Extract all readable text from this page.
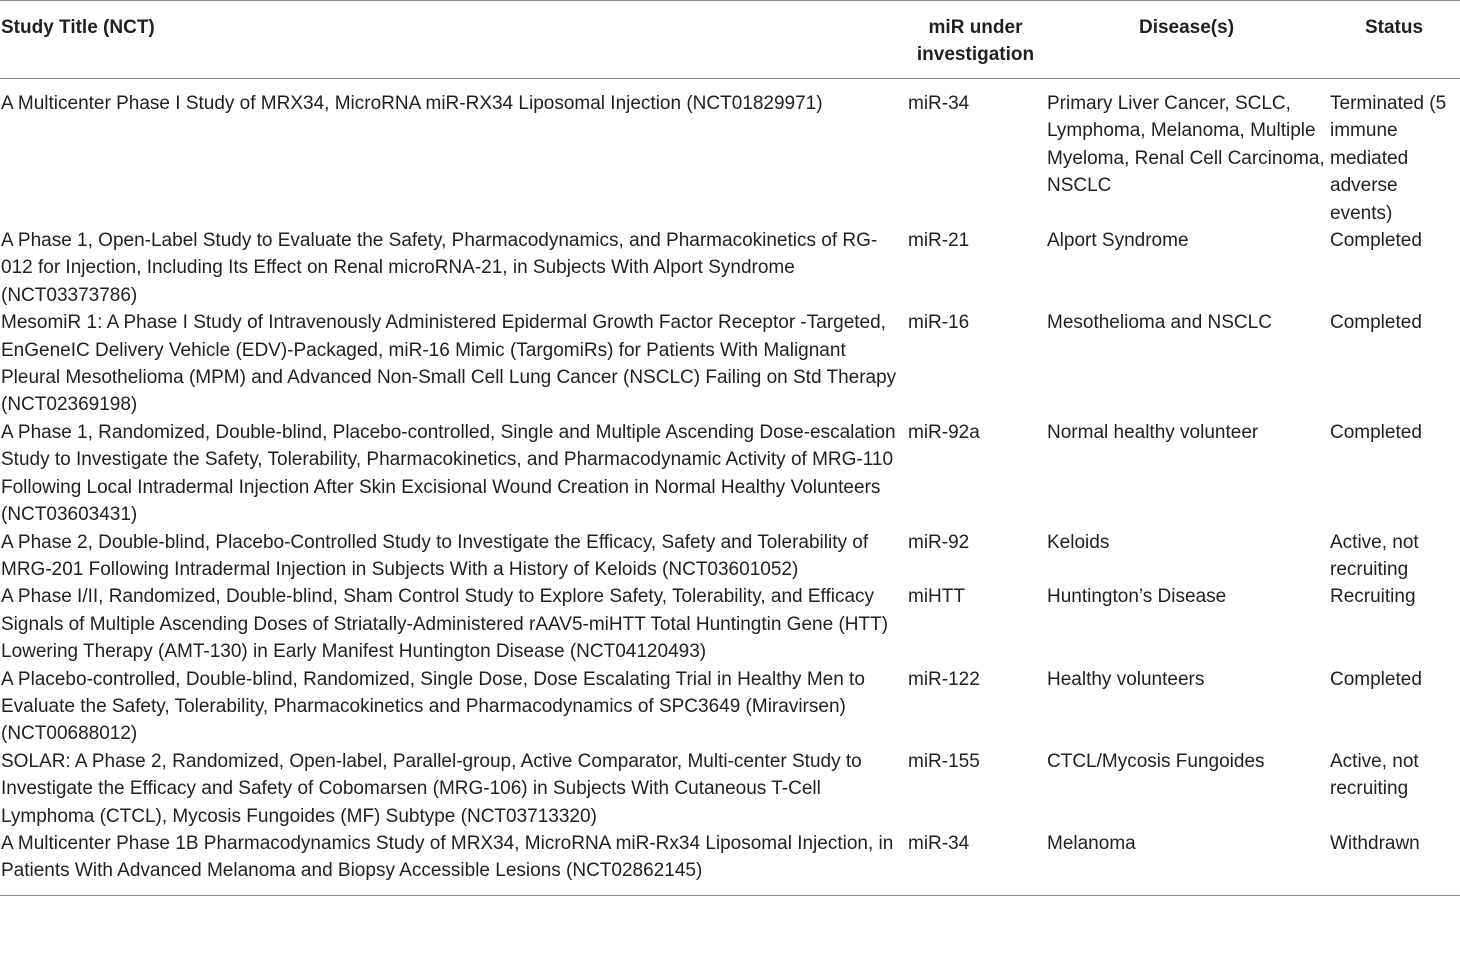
Study Title (NCT)	miR under investigation	Disease(s)	Status
A Multicenter Phase I Study of MRX34, MicroRNA miR-RX34 Liposomal Injection (NCT01829971)	miR-34	Primary Liver Cancer, SCLC, Lymphoma, Melanoma, Multiple Myeloma, Renal Cell Carcinoma, NSCLC	Terminated (5 immune mediated adverse events)
A Phase 1, Open-Label Study to Evaluate the Safety, Pharmacodynamics, and Pharmacokinetics of RG-012 for Injection, Including Its Effect on Renal microRNA-21, in Subjects With Alport Syndrome (NCT03373786)	miR-21	Alport Syndrome	Completed
MesomiR 1: A Phase I Study of Intravenously Administered Epidermal Growth Factor Receptor -Targeted, EnGeneIC Delivery Vehicle (EDV)-Packaged, miR-16 Mimic (TargomiRs) for Patients With Malignant Pleural Mesothelioma (MPM) and Advanced Non-Small Cell Lung Cancer (NSCLC) Failing on Std Therapy (NCT02369198)	miR-16	Mesothelioma and NSCLC	Completed
A Phase 1, Randomized, Double-blind, Placebo-controlled, Single and Multiple Ascending Dose-escalation Study to Investigate the Safety, Tolerability, Pharmacokinetics, and Pharmacodynamic Activity of MRG-110 Following Local Intradermal Injection After Skin Excisional Wound Creation in Normal Healthy Volunteers (NCT03603431)	miR-92a	Normal healthy volunteer	Completed
A Phase 2, Double-blind, Placebo-Controlled Study to Investigate the Efficacy, Safety and Tolerability of MRG-201 Following Intradermal Injection in Subjects With a History of Keloids (NCT03601052)	miR-92	Keloids	Active, not recruiting
A Phase I/II, Randomized, Double-blind, Sham Control Study to Explore Safety, Tolerability, and Efficacy Signals of Multiple Ascending Doses of Striatally-Administered rAAV5-miHTT Total Huntingtin Gene (HTT) Lowering Therapy (AMT-130) in Early Manifest Huntington Disease (NCT04120493)	miHTT	Huntington’s Disease	Recruiting
A Placebo-controlled, Double-blind, Randomized, Single Dose, Dose Escalating Trial in Healthy Men to Evaluate the Safety, Tolerability, Pharmacokinetics and Pharmacodynamics of SPC3649 (Miravirsen) (NCT00688012)	miR-122	Healthy volunteers	Completed
SOLAR: A Phase 2, Randomized, Open-label, Parallel-group, Active Comparator, Multi-center Study to Investigate the Efficacy and Safety of Cobomarsen (MRG-106) in Subjects With Cutaneous T-Cell Lymphoma (CTCL), Mycosis Fungoides (MF) Subtype (NCT03713320)	miR-155	CTCL/Mycosis Fungoides	Active, not recruiting
A Multicenter Phase 1B Pharmacodynamics Study of MRX34, MicroRNA miR-Rx34 Liposomal Injection, in Patients With Advanced Melanoma and Biopsy Accessible Lesions (NCT02862145)	miR-34	Melanoma	Withdrawn
